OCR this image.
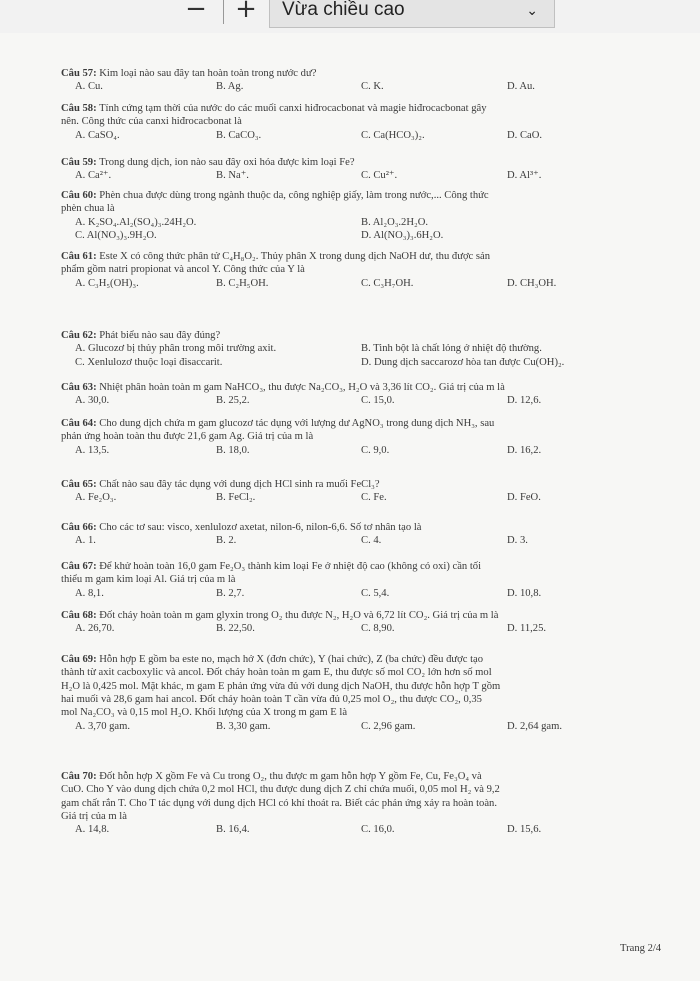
−	+	Vừa chiều cao	⌄
Câu 57: Kim loại nào sau đây tan hoàn toàn trong nước dư?
A. Cu.	B. Ag.	C. K.	D. Au.
Câu 58: Tính cứng tạm thời của nước do các muối canxi hiđrocacbonat và magie hiđrocacbonat gây
nên. Công thức của canxi hiđrocacbonat là
A. CaSO₄.	B. CaCO₃.	C. Ca(HCO₃)₂.	D. CaO.
Câu 59: Trong dung dịch, ion nào sau đây oxi hóa được kim loại Fe?
A. Ca²⁺.	B. Na⁺.	C. Cu²⁺.	D. Al³⁺.
Câu 60: Phèn chua được dùng trong ngành thuộc da, công nghiệp giấy, làm trong nước,... Công thức
phèn chua là
A. K₂SO₄.Al₂(SO₄)₃.24H₂O.	B. Al₂O₃.2H₂O.
C. Al(NO₃)₃.9H₂O.	D. Al(NO₃)₃.6H₂O.
Câu 61: Este X có công thức phân tử C₄H₈O₂. Thủy phân X trong dung dịch NaOH dư, thu được sản
phẩm gồm natri propionat và ancol Y. Công thức của Y là
A. C₃H₅(OH)₃.	B. C₂H₅OH.	C. C₃H₇OH.	D. CH₃OH.
Câu 62: Phát biểu nào sau đây đúng?
A. Glucozơ bị thủy phân trong môi trường axit.	B. Tinh bột là chất lỏng ở nhiệt độ thường.
C. Xenlulozơ thuộc loại đisaccarit.	D. Dung dịch saccarozơ hòa tan được Cu(OH)₂.
Câu 63: Nhiệt phân hoàn toàn m gam NaHCO₃, thu được Na₂CO₃, H₂O và 3,36 lít CO₂. Giá trị của m là
A. 30,0.	B. 25,2.	C. 15,0.	D. 12,6.
Câu 64: Cho dung dịch chứa m gam glucozơ tác dụng với lượng dư AgNO₃ trong dung dịch NH₃, sau
phản ứng hoàn toàn thu được 21,6 gam Ag. Giá trị của m là
A. 13,5.	B. 18,0.	C. 9,0.	D. 16,2.
Câu 65: Chất nào sau đây tác dụng với dung dịch HCl sinh ra muối FeCl₃?
A. Fe₂O₃.	B. FeCl₂.	C. Fe.	D. FeO.
Câu 66: Cho các tơ sau: visco, xenlulozơ axetat, nilon-6, nilon-6,6. Số tơ nhân tạo là
A. 1.	B. 2.	C. 4.	D. 3.
Câu 67: Để khử hoàn toàn 16,0 gam Fe₂O₃ thành kim loại Fe ở nhiệt độ cao (không có oxi) cần tối
thiểu m gam kim loại Al. Giá trị của m là
A. 8,1.	B. 2,7.	C. 5,4.	D. 10,8.
Câu 68: Đốt cháy hoàn toàn m gam glyxin trong O₂ thu được N₂, H₂O và 6,72 lít CO₂. Giá trị của m là
A. 26,70.	B. 22,50.	C. 8,90.	D. 11,25.
Câu 69: Hỗn hợp E gồm ba este no, mạch hở X (đơn chức), Y (hai chức), Z (ba chức) đều được tạo
thành từ axit cacboxylic và ancol. Đốt cháy hoàn toàn m gam E, thu được số mol CO₂ lớn hơn số mol
H₂O là 0,425 mol. Mặt khác, m gam E phản ứng vừa đủ với dung dịch NaOH, thu được hỗn hợp T gồm
hai muối và 28,6 gam hai ancol. Đốt cháy hoàn toàn T cần vừa đủ 0,25 mol O₂, thu được CO₂, 0,35
mol Na₂CO₃ và 0,15 mol H₂O. Khối lượng của X trong m gam E là
A. 3,70 gam.	B. 3,30 gam.	C. 2,96 gam.	D. 2,64 gam.
Câu 70: Đốt hỗn hợp X gồm Fe và Cu trong O₂, thu được m gam hỗn hợp Y gồm Fe, Cu, Fe₃O₄ và
CuO. Cho Y vào dung dịch chứa 0,2 mol HCl, thu được dung dịch Z chỉ chứa muối, 0,05 mol H₂ và 9,2
gam chất rắn T. Cho T tác dụng với dung dịch HCl có khí thoát ra. Biết các phản ứng xảy ra hoàn toàn.
Giá trị của m là
A. 14,8.	B. 16,4.	C. 16,0.	D. 15,6.
Trang 2/4
